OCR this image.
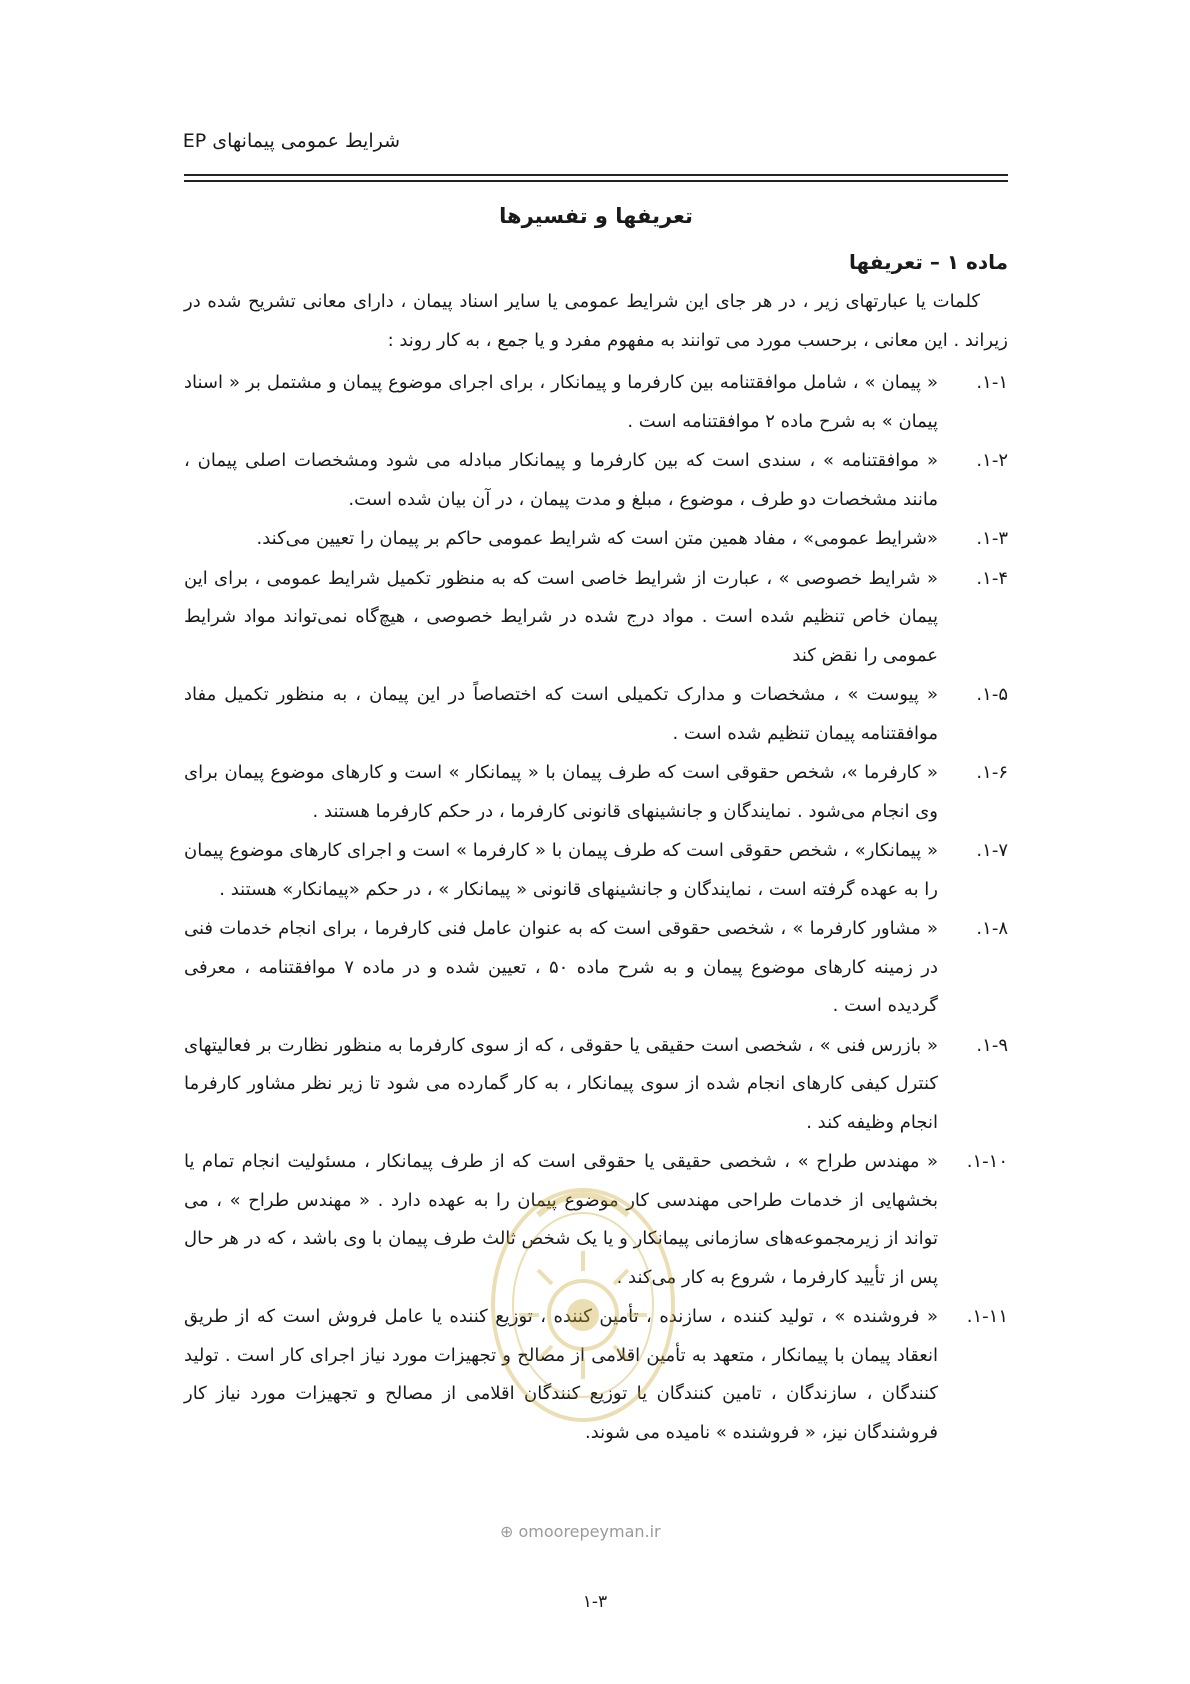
شرایط عمومی پیمانهای EP
تعریفها و تفسیرها
ماده ۱ – تعریفها

کلمات یا عبارتهای زیر ، در هر جای این شرایط عمومی یا سایر اسناد پیمان ، دارای معانی تشریح شده در زیراند . این معانی ، برحسب مورد می توانند به مفهوم مفرد و یا جمع ، به کار روند :

۱-۱.
« پیمان » ، شامل موافقتنامه بین کارفرما و پیمانکار ، برای اجرای موضوع پیمان و مشتمل بر « اسناد پیمان » به شرح ماده ۲ موافقتنامه است .
۱-۲.
« موافقتنامه » ، سندی است که بین کارفرما و پیمانکار مبادله می شود ومشخصات اصلی پیمان ، مانند مشخصات دو طرف ، موضوع ، مبلغ و مدت پیمان ، در آن بیان شده است.
۱-۳.
«شرایط عمومی» ، مفاد همین متن است که شرایط عمومی حاکم بر پیمان را تعیین می‌کند.
۱-۴.
« شرایط خصوصی » ، عبارت از شرایط خاصی است که به منظور تکمیل شرایط عمومی ، برای این پیمان خاص تنظیم شده است . مواد درج شده در شرایط خصوصی ، هیچ‌گاه نمی‌تواند مواد شرایط عمومی را نقض کند
۱-۵.
« پیوست » ، مشخصات و مدارک تکمیلی است که اختصاصاً در این پیمان ، به منظور تکمیل مفاد موافقتنامه پیمان تنظیم شده است .
۱-۶.
« کارفرما »، شخص حقوقی است که طرف پیمان با « پیمانکار » است و کارهای موضوع پیمان برای وی انجام می‌شود . نمایندگان و جانشینهای قانونی کارفرما ، در حکم کارفرما هستند .
۱-۷.
« پیمانکار» ، شخص حقوقی است که طرف پیمان با « کارفرما » است و اجرای کارهای موضوع پیمان را به عهده گرفته است ، نمایندگان و جانشینهای قانونی « پیمانکار » ، در حکم «پیمانکار» هستند .
۱-۸.
« مشاور کارفرما » ، شخصی حقوقی است که به عنوان عامل فنی کارفرما ، برای انجام خدمات فنی در زمینه کارهای موضوع پیمان و به شرح ماده ۵۰ ، تعیین شده و در ماده ۷ موافقتنامه ، معرفی گردیده است .
۱-۹.
« بازرس فنی » ، شخصی است حقیقی یا حقوقی ، که از سوی کارفرما به منظور نظارت بر فعالیتهای کنترل کیفی کارهای انجام شده از سوی پیمانکار ، به کار گمارده می شود تا زیر نظر مشاور کارفرما انجام وظیفه کند .
۱-۱۰.
« مهندس طراح » ، شخصی حقیقی یا حقوقی است که از طرف پیمانکار ، مسئولیت انجام تمام یا بخشهایی از خدمات طراحی مهندسی کار موضوع پیمان را به عهده دارد . « مهندس طراح » ، می تواند از زیرمجموعه‌های سازمانی پیمانکار و یا یک شخص ثالث طرف پیمان با وی باشد ، که در هر حال پس از تأیید کارفرما ، شروع به کار می‌کند .
۱-۱۱.
« فروشنده » ، تولید کننده ، سازنده ، تأمین کننده ، توزیع کننده یا عامل فروش است که از طریق انعقاد پیمان با پیمانکار ، متعهد به تأمین اقلامی از مصالح و تجهیزات مورد نیاز اجرای کار است . تولید کنندگان ، سازندگان ، تامین کنندگان یا توزیع کنندگان اقلامی از مصالح و تجهیزات مورد نیاز کار فروشندگان نیز، « فروشنده » نامیده می شوند.
⊕ omoorepeyman.ir
۱-۳
